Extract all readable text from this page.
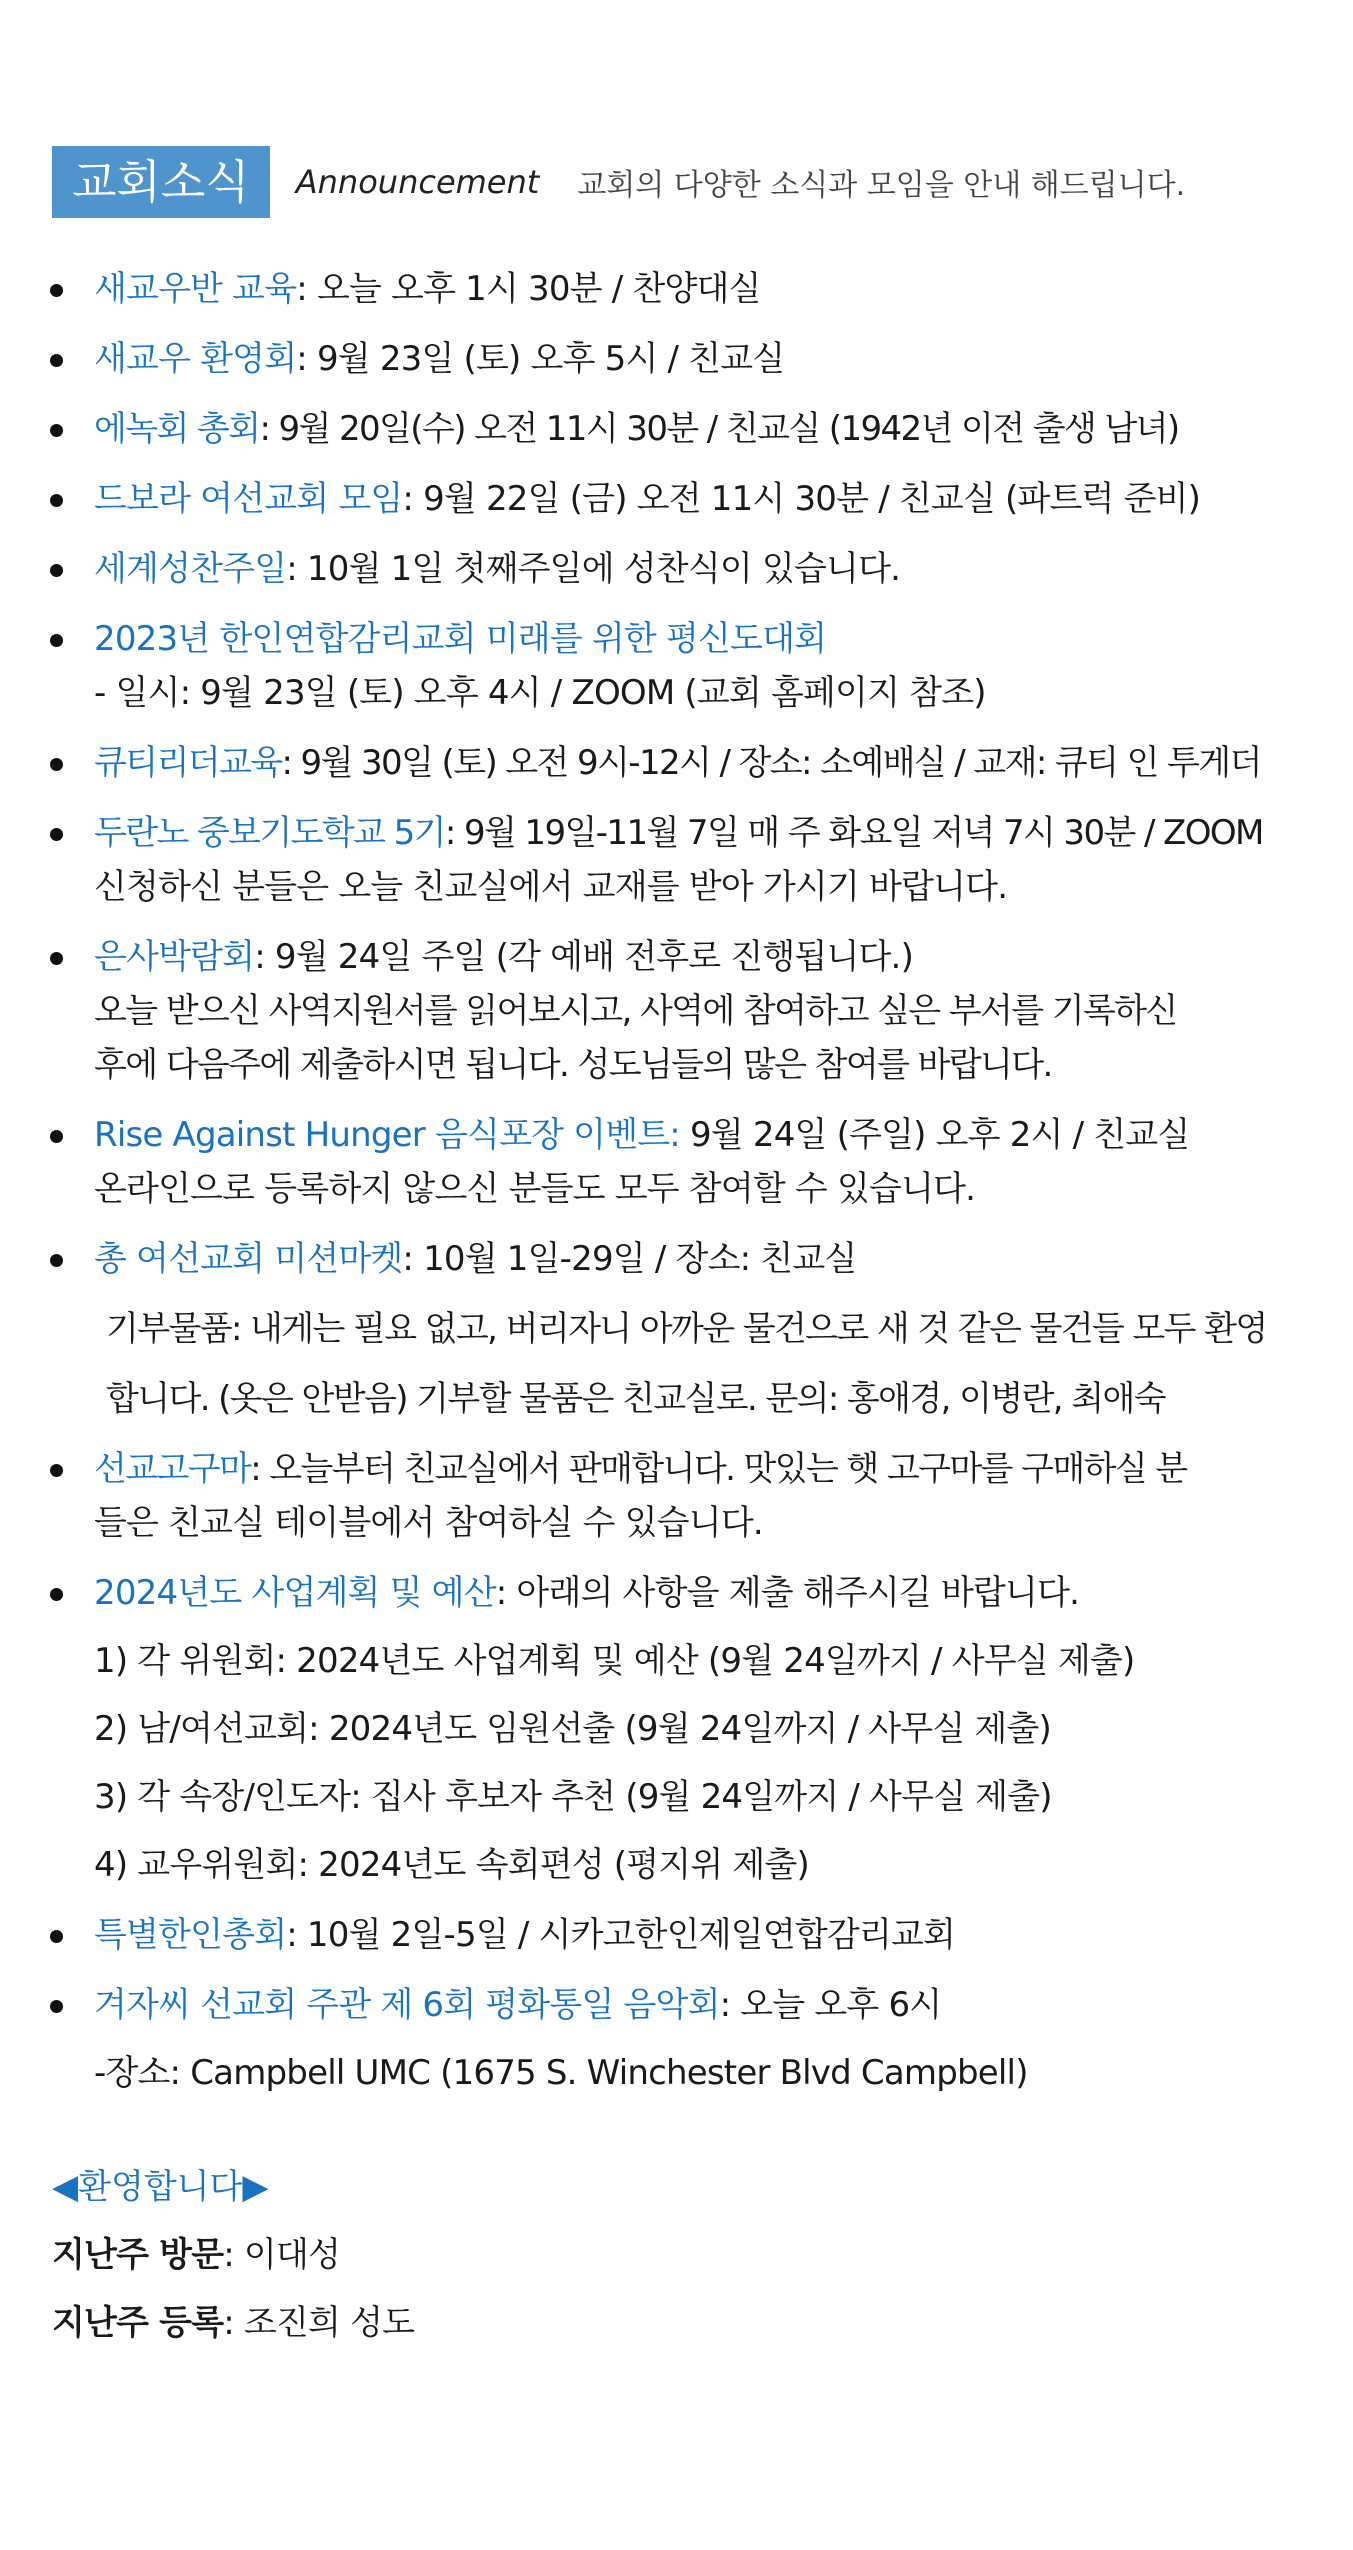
교회소식	Announcement 교회의 다양한 소식과 모임을 안내 해드립니다.
새교우반 교육: 오늘 오후 1시 30분 / 찬양대실
새교우 환영회: 9월 23일 (토) 오후 5시 / 친교실
에녹회 총회: 9월 20일(수) 오전 11시 30분 / 친교실 (1942년 이전 출생 남녀)
드보라 여선교회 모임: 9월 22일 (금) 오전 11시 30분 / 친교실 (파트럭 준비)
세계성찬주일: 10월 1일 첫째주일에 성찬식이 있습니다.
2023년 한인연합감리교회 미래를 위한 평신도대회
- 일시: 9월 23일 (토) 오후 4시 / ZOOM (교회 홈페이지 참조)
큐티리더교육: 9월 30일 (토) 오전 9시-12시 / 장소: 소예배실 / 교재: 큐티 인 투게더
두란노 중보기도학교 5기: 9월 19일-11월 7일 매 주 화요일 저녁 7시 30분 / ZOOM
신청하신 분들은 오늘 친교실에서 교재를 받아 가시기 바랍니다.
은사박람회: 9월 24일 주일 (각 예배 전후로 진행됩니다.)
오늘 받으신 사역지원서를 읽어보시고, 사역에 참여하고 싶은 부서를 기록하신
후에 다음주에 제출하시면 됩니다. 성도님들의 많은 참여를 바랍니다.
Rise Against Hunger 음식포장 이벤트: 9월 24일 (주일) 오후 2시 / 친교실
온라인으로 등록하지 않으신 분들도 모두 참여할 수 있습니다.
총 여선교회 미션마켓: 10월 1일-29일 / 장소: 친교실
기부물품: 내게는 필요 없고, 버리자니 아까운 물건으로 새 것 같은 물건들 모두 환영
합니다. (옷은 안받음) 기부할 물품은 친교실로. 문의: 홍애경, 이병란, 최애숙
선교고구마: 오늘부터 친교실에서 판매합니다. 맛있는 햇 고구마를 구매하실 분
들은 친교실 테이블에서 참여하실 수 있습니다.
2024년도 사업계획 및 예산: 아래의 사항을 제출 해주시길 바랍니다.
1) 각 위원회: 2024년도 사업계획 및 예산 (9월 24일까지 / 사무실 제출)
2) 남/여선교회: 2024년도 임원선출 (9월 24일까지 / 사무실 제출)
3) 각 속장/인도자: 집사 후보자 추천 (9월 24일까지 / 사무실 제출)
4) 교우위원회: 2024년도 속회편성 (평지위 제출)
특별한인총회: 10월 2일-5일 / 시카고한인제일연합감리교회
겨자씨 선교회 주관 제 6회 평화통일 음악회: 오늘 오후 6시
-장소: Campbell UMC (1675 S. Winchester Blvd Campbell)
◀환영합니다▶
지난주 방문: 이대성
지난주 등록: 조진희 성도
